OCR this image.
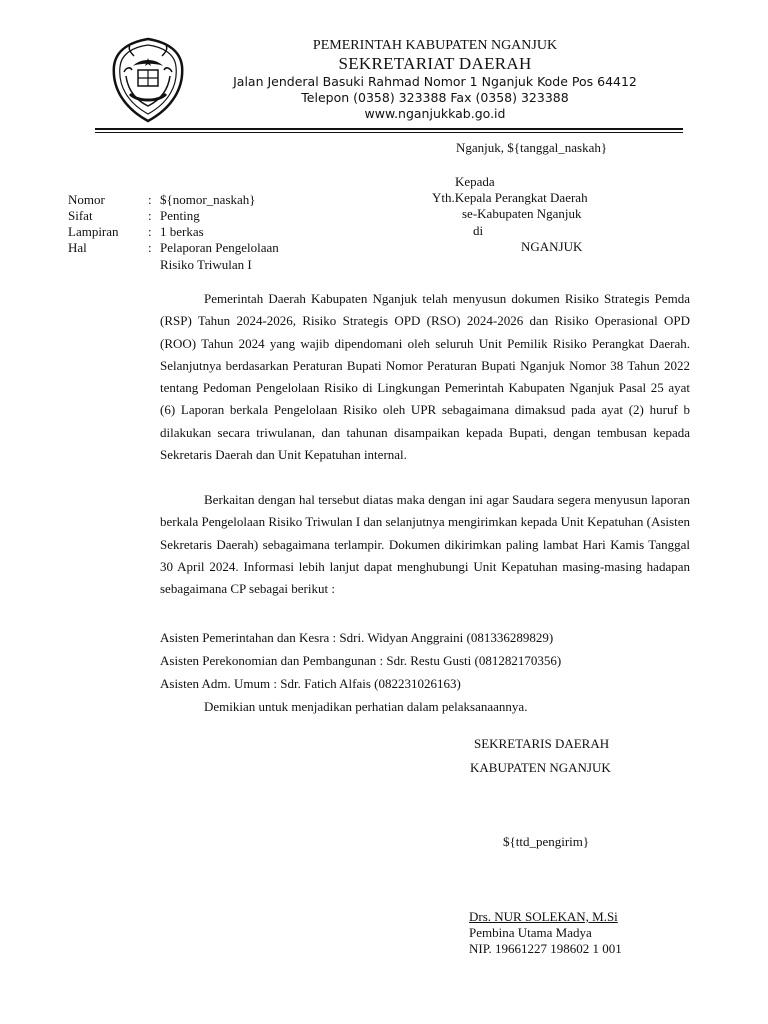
PEMERINTAH KABUPATEN NGANJUK
SEKRETARIAT DAERAH
Jalan Jenderal Basuki Rahmad Nomor 1 Nganjuk Kode Pos 64412
Telepon (0358) 323388 Fax (0358) 323388
www.nganjukkab.go.id
Nganjuk, ${tanggal_naskah}
Kepada
Yth.Kepala Perangkat Daerah
se-Kabupaten Nganjuk
di
NGANJUK
Nomor	: ${nomor_naskah}
Sifat	: Penting
Lampiran : 1 berkas
Hal	: Pelaporan Pengelolaan
Risiko Triwulan I
Pemerintah Daerah Kabupaten Nganjuk telah menyusun dokumen Risiko Strategis Pemda (RSP) Tahun 2024-2026, Risiko Strategis OPD (RSO) 2024-2026 dan Risiko Operasional OPD (ROO) Tahun 2024 yang wajib dipendomani oleh seluruh Unit Pemilik Risiko Perangkat Daerah. Selanjutnya berdasarkan Peraturan Bupati Nomor Peraturan Bupati Nganjuk Nomor 38 Tahun 2022 tentang Pedoman Pengelolaan Risiko di Lingkungan Pemerintah Kabupaten Nganjuk Pasal 25 ayat (6) Laporan berkala Pengelolaan Risiko oleh UPR sebagaimana dimaksud pada ayat (2) huruf b dilakukan secara triwulanan, dan tahunan disampaikan kepada Bupati, dengan tembusan kepada Sekretaris Daerah dan Unit Kepatuhan internal.
Berkaitan dengan hal tersebut diatas maka dengan ini agar Saudara segera menyusun laporan berkala Pengelolaan Risiko Triwulan I dan selanjutnya mengirimkan kepada Unit Kepatuhan (Asisten Sekretaris Daerah) sebagaimana terlampir. Dokumen dikirimkan paling lambat Hari Kamis Tanggal 30 April 2024. Informasi lebih lanjut dapat menghubungi Unit Kepatuhan masing-masing hadapan sebagaimana CP sebagai berikut :
Asisten Pemerintahan dan Kesra : Sdri. Widyan Anggraini (081336289829)
Asisten Perekonomian dan Pembangunan : Sdr. Restu Gusti (081282170356)
Asisten Adm. Umum : Sdr. Fatich Alfais (082231026163)
Demikian untuk menjadikan perhatian dalam pelaksanaannya.
SEKRETARIS DAERAH
KABUPATEN NGANJUK
${ttd_pengirim}
Drs. NUR SOLEKAN, M.Si
Pembina Utama Madya
NIP. 19661227 198602 1 001
